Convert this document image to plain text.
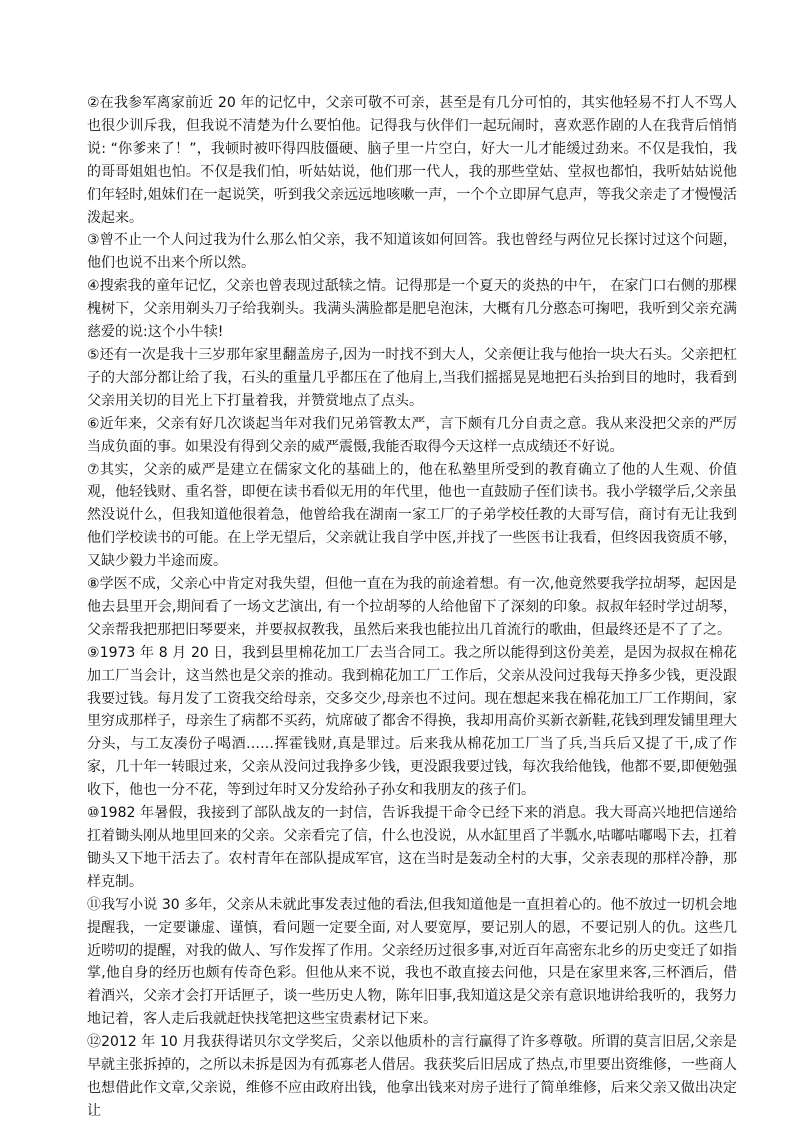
②在我参军离家前近 20 年的记忆中，父亲可敬不可亲，甚至是有几分可怕的，其实他轻易不打人不骂人也很少训斥我，但我说不清楚为什么要怕他。记得我与伙伴们一起玩闹时，喜欢恶作剧的人在我背后悄悄说: “你爹来了！”，我顿时被吓得四肢僵硬、脑子里一片空白，好大一儿才能缓过劲来。不仅是我怕，我的哥哥姐姐也怕。不仅是我们怕，听姑姑说，他们那一代人，我的那些堂姑、堂叔也都怕，我听姑姑说他们年轻时,姐妹们在一起说笑，听到我父亲远远地咳嗽一声，一个个立即屏气息声，等我父亲走了才慢慢活泼起来。

③曾不止一个人问过我为什么那么怕父亲，我不知道该如何回答。我也曾经与两位兄长探讨过这个问题，他们也说不出来个所以然。

④搜索我的童年记忆，父亲也曾表现过舐犊之情。记得那是一个夏天的炎热的中午， 在家门口右侧的那棵槐树下，父亲用剃头刀子给我剃头。我满头满脸都是肥皂泡沫，大概有几分憨态可掬吧，我听到父亲充满慈爱的说:这个小牛犊!

⑤还有一次是我十三岁那年家里翻盖房子,因为一时找不到大人，父亲便让我与他抬一块大石头。父亲把杠子的大部分都让给了我，石头的重量几乎都压在了他肩上,当我们摇摇晃晃地把石头抬到目的地时，我看到父亲用关切的目光上下打量着我，并赞赏地点了点头。

⑥近年来，父亲有好几次谈起当年对我们兄弟管教太严，言下颇有几分自责之意。我从来没把父亲的严厉当成负面的事。如果没有得到父亲的威严震慑,我能否取得今天这样一点成绩还不好说。

⑦其实，父亲的威严是建立在儒家文化的基础上的，他在私塾里所受到的教育确立了他的人生观、价值观，他轻钱财、重名誉，即便在读书看似无用的年代里，他也一直鼓励子侄们读书。我小学辍学后,父亲虽然没说什么，但我知道他很着急，他曾给我在湖南一家工厂的子弟学校任教的大哥写信，商讨有无让我到他们学校读书的可能。在上学无望后，父亲就让我自学中医,并找了一些医书让我看，但终因我资质不够，又缺少毅力半途而废。

⑧学医不成，父亲心中肯定对我失望，但他一直在为我的前途着想。有一次,他竟然要我学拉胡琴，起因是他去县里开会,期间看了一场文艺演出, 有一个拉胡琴的人给他留下了深刻的印象。叔叔年轻时学过胡琴，父亲帮我把那把旧琴要来，并要叔叔教我，虽然后来我也能拉出几首流行的歌曲，但最终还是不了了之。

⑨1973 年 8 月 20 日，我到县里棉花加工厂去当合同工。我之所以能得到这份美差，是因为叔叔在棉花加工厂当会计，这当然也是父亲的推动。我到棉花加工厂工作后，父亲从没问过我每天挣多少钱，更没跟我要过钱。每月发了工资我交给母亲，交多交少,母亲也不过问。现在想起来我在棉花加工厂工作期间，家里穷成那样子，母亲生了病都不买药，炕席破了都舍不得换，我却用高价买新衣新鞋,花钱到理发铺里理大分头，与工友凑份子喝酒……挥霍钱财,真是罪过。后来我从棉花加工厂当了兵,当兵后又提了干,成了作家，几十年一转眼过来，父亲从没问过我挣多少钱，更没跟我要过钱，每次我给他钱，他都不要,即便勉强收下，他也一分不花，等到过年时又分发给孙子孙女和我朋友的孩子们。

⑩1982 年暑假，我接到了部队战友的一封信，告诉我提干命令已经下来的消息。我大哥高兴地把信递给扛着锄头刚从地里回来的父亲。父亲看完了信，什么也没说，从水缸里舀了半瓢水,咕嘟咕嘟喝下去，扛着锄头又下地干活去了。农村青年在部队提成军官，这在当时是轰动全村的大事，父亲表现的那样冷静，那样克制。

⑪我写小说 30 多年，父亲从未就此事发表过他的看法,但我知道他是一直担着心的。他不放过一切机会地提醒我，一定要谦虚、谨慎，看问题一定要全面, 对人要宽厚，要记别人的恩，不要记别人的仇。这些几近唠叨的提醒，对我的做人、写作发挥了作用。父亲经历过很多事,对近百年高密东北乡的历史变迁了如指掌,他自身的经历也颇有传奇色彩。但他从来不说，我也不敢直接去问他，只是在家里来客,三杯酒后，借着酒兴，父亲才会打开话匣子，谈一些历史人物，陈年旧事,我知道这是父亲有意识地讲给我听的，我努力地记着，客人走后我就赶快找笔把这些宝贵素材记下来。

⑫2012 年 10 月我获得诺贝尔文学奖后，父亲以他质朴的言行赢得了许多尊敬。所谓的莫言旧居,父亲是早就主张拆掉的，之所以未拆是因为有孤寡老人借居。我获奖后旧居成了热点,市里要出资维修，一些商人也想借此作文章,父亲说，维修不应由政府出钱，他拿出钱来对房子进行了简单维修，后来父亲又做出决定让
